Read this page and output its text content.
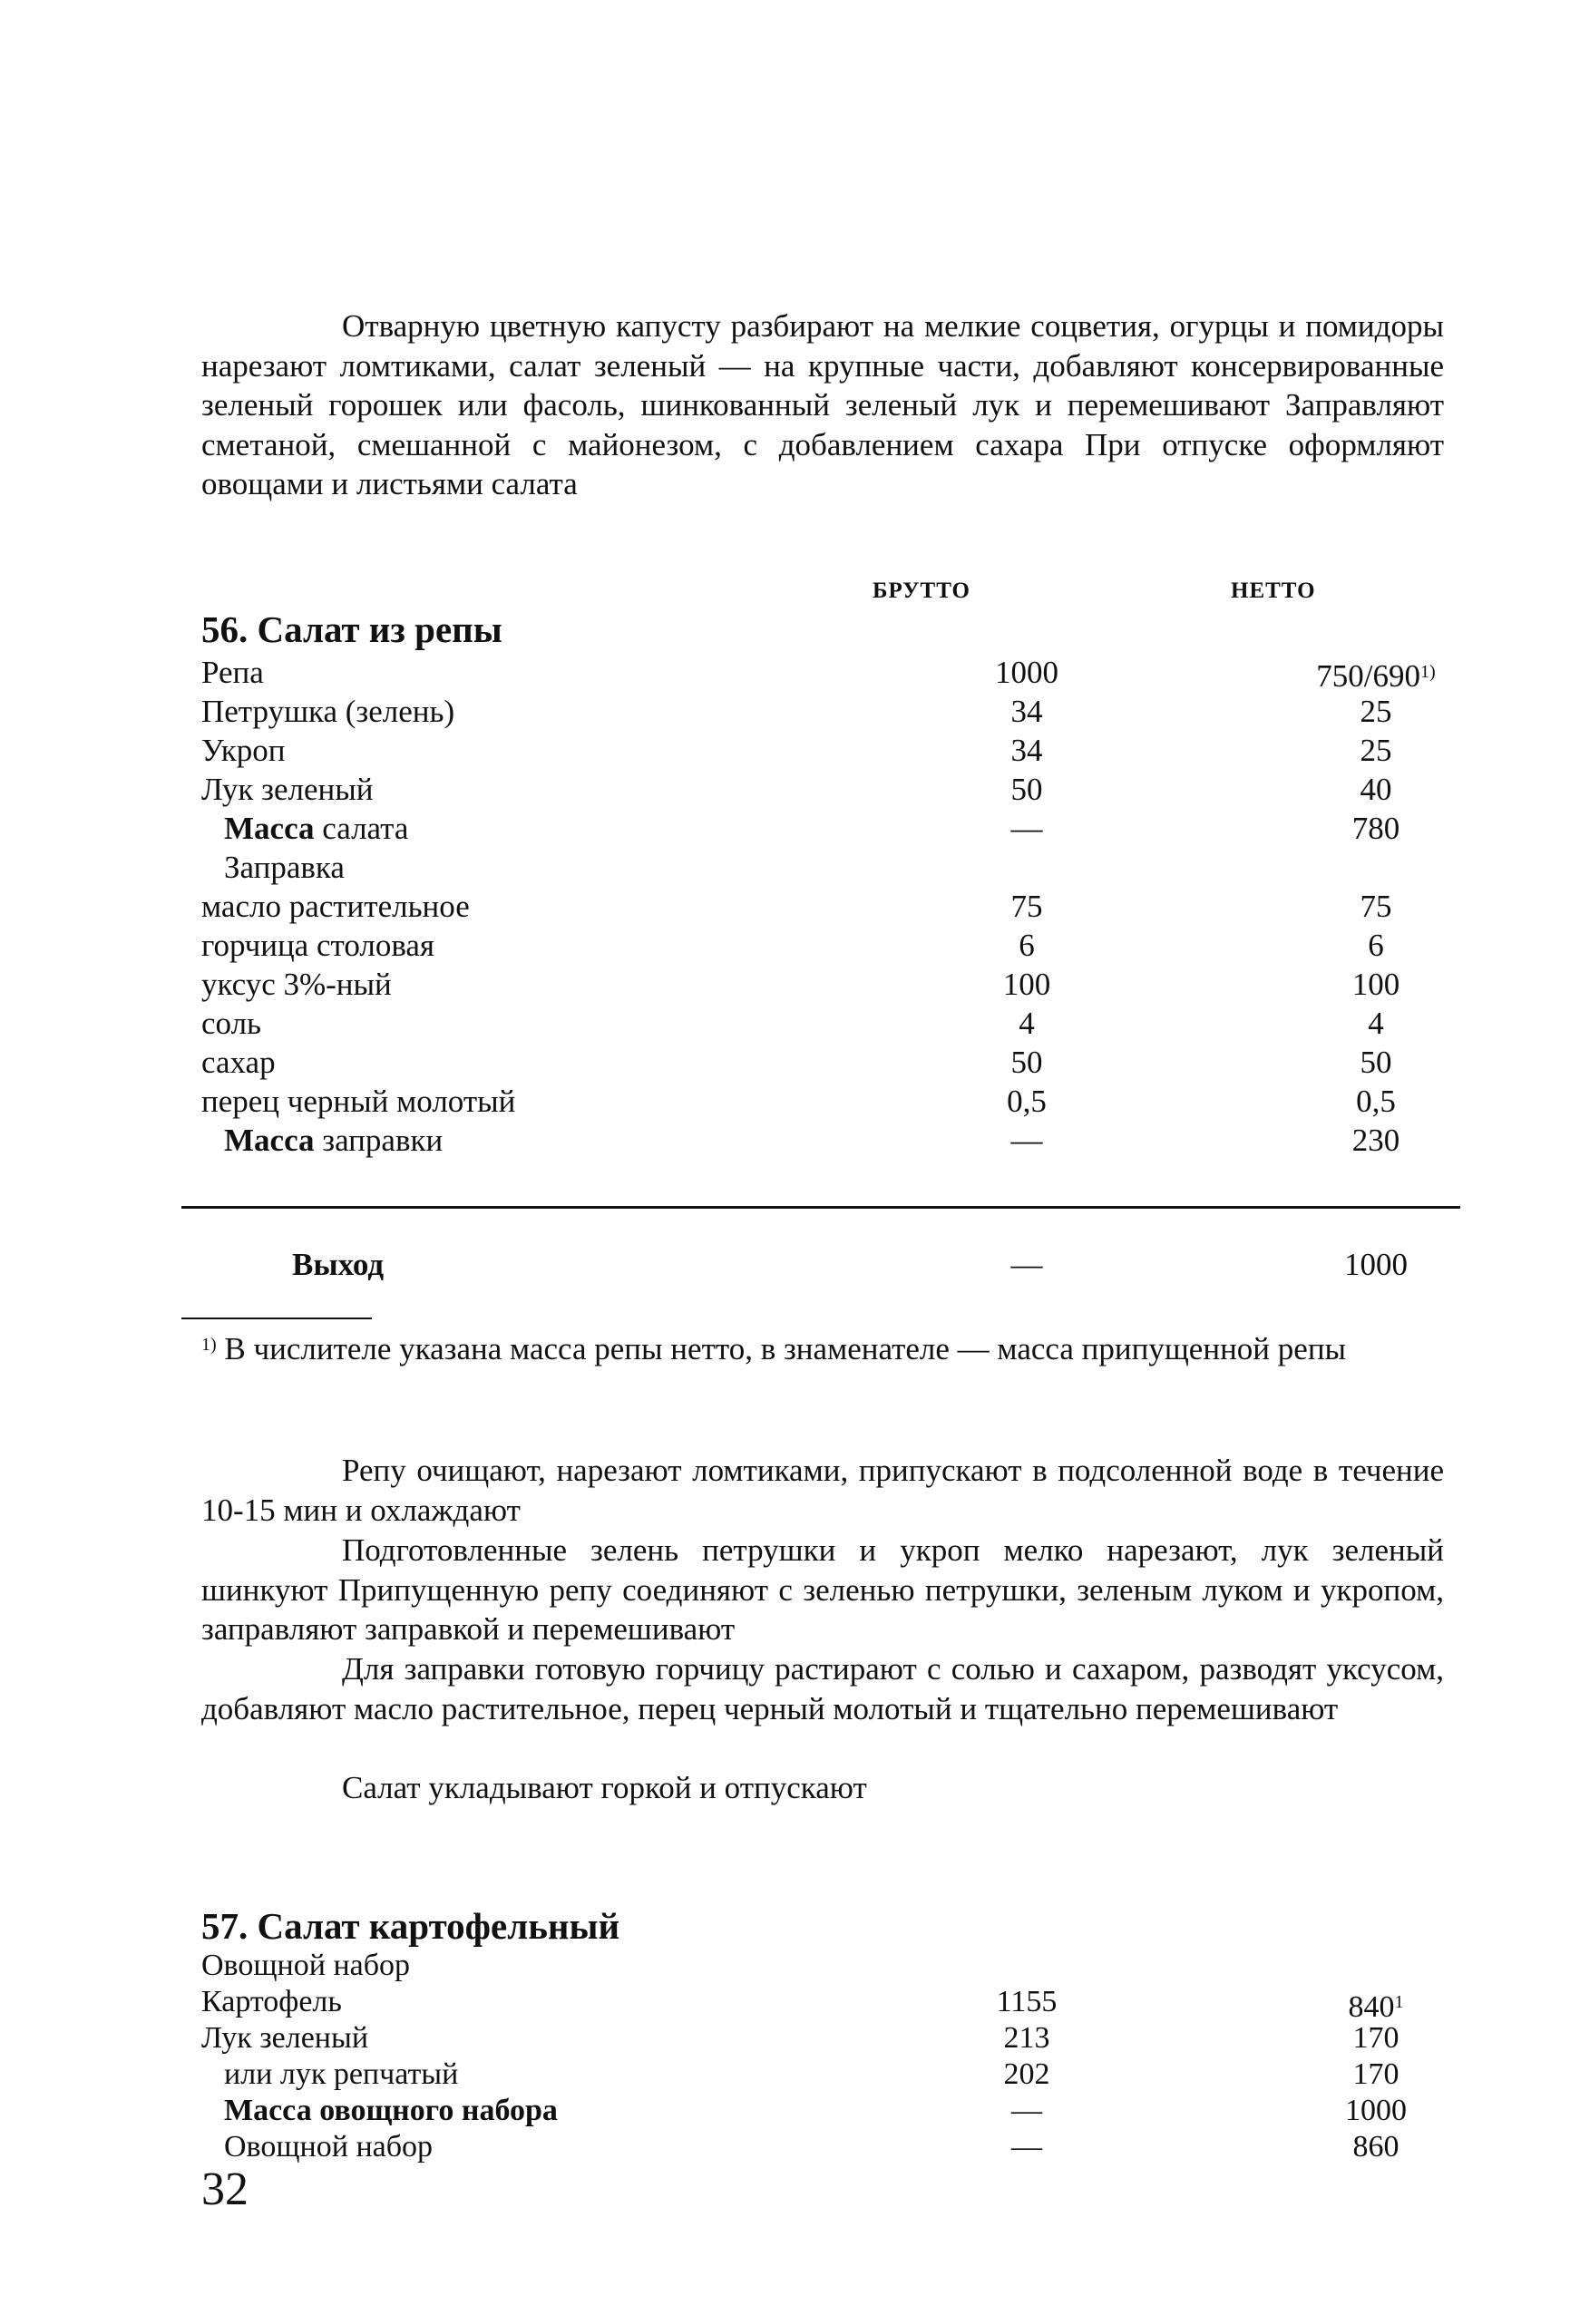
Отварную цветную капусту разбирают на мелкие соцветия, огурцы и помидоры нарезают ломтиками, салат зеленый — на крупные части, добавляют консервированные зеленый горошек или фасоль, шинкованный зеленый лук и перемешивают Заправляют сметаной, смешанной с майонезом, с добавлением сахара При отпуске оформляют овощами и листьями салата

БРУТТО	НЕТТО
56. Салат из репы
Репа	1000	750/690$^{1)}$
Петрушка (зелень)	34	25
Укроп	34	25
Лук зеленый	50	40
Масса салата	—	780
Заправка
масло растительное	75	75
горчица столовая	6	6
уксус 3%-ный	100	100
соль	4	4
сахар	50	50
перец черный молотый	0,5	0,5
Масса заправки	—	230
Выход	—	1000

$^{1)}$ В числителе указана масса репы нетто, в знаменателе — масса припущенной репы

Репу очищают, нарезают ломтиками, припускают в подсоленной воде в течение 10-15 мин и охлаждают

Подготовленные зелень петрушки и укроп мелко нарезают, лук зеленый шинкуют Припущенную репу соединяют с зеленью петрушки, зеленым луком и укропом, заправляют заправкой и перемешивают

Для заправки готовую горчицу растирают с солью и сахаром, разводят уксусом, добавляют масло растительное, перец черный молотый и тщательно перемешивают

Салат укладывают горкой и отпускают

57. Салат картофельный
Овощной набор
Картофель	1155	$840^1$
Лук зеленый	213	170
или лук репчатый	202	170
Масса овощного набора	—	1000
Овощной набор	—	860
32
